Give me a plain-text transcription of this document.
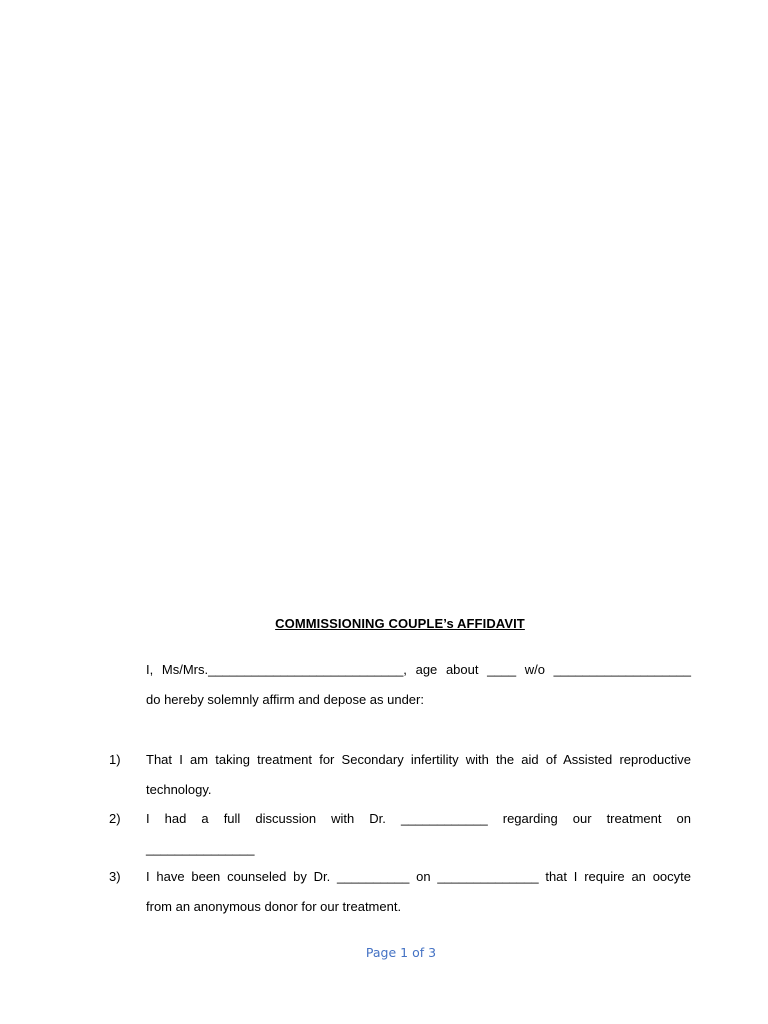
COMMISSIONING COUPLE’s AFFIDAVIT
I, Ms/Mrs.___________________________, age about ____ w/o ___________________
do hereby solemnly affirm and depose as under:
1)	That I am taking treatment for Secondary infertility with the aid of Assisted reproductive
technology.
2)	I had a full discussion with Dr. ____________ regarding our treatment on
_______________
3)	I have been counseled by Dr. __________ on ______________ that I require an oocyte
from an anonymous donor for our treatment.
Page 1 of 3
